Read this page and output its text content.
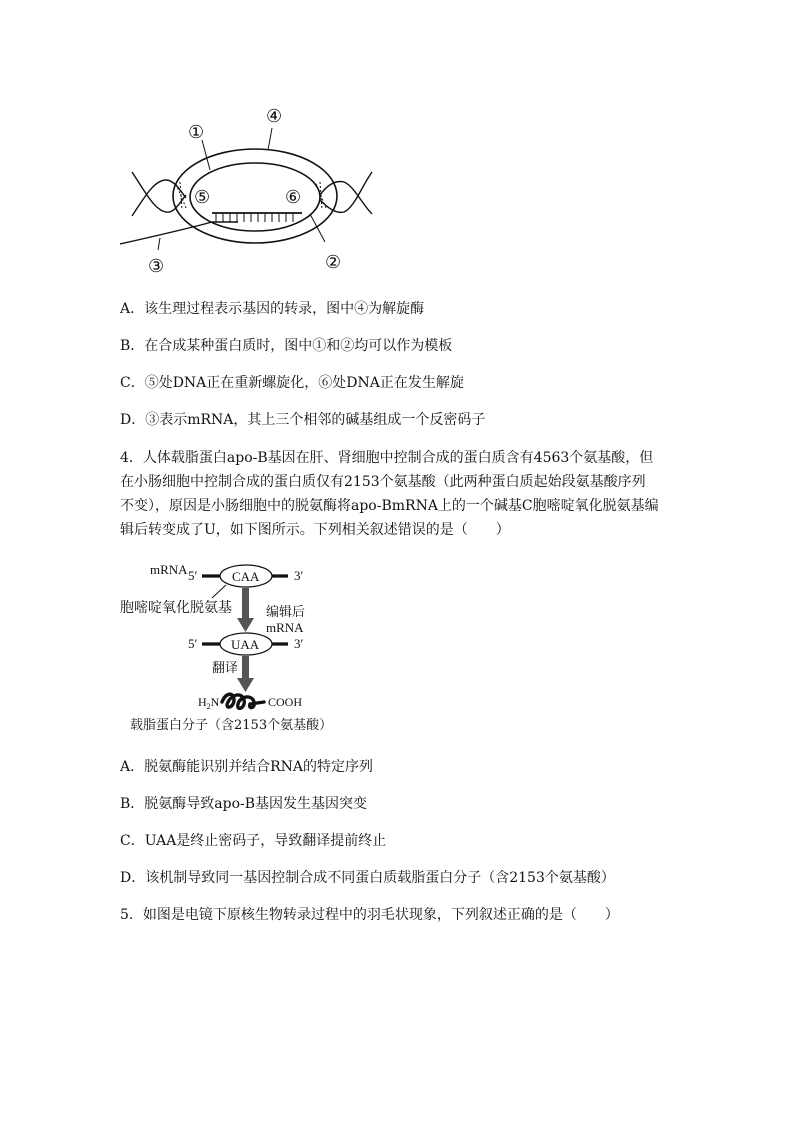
①
④
⑤	⑥
③	②
A．该生理过程表示基因的转录，图中④为解旋酶
B．在合成某种蛋白质时，图中①和②均可以作为模板
C．⑤处DNA正在重新螺旋化，⑥处DNA正在发生解旋
D．③表示mRNA，其上三个相邻的碱基组成一个反密码子
4．人体载脂蛋白apo-B基因在肝、肾细胞中控制合成的蛋白质含有4563个氨基酸，但
在小肠细胞中控制合成的蛋白质仅有2153个氨基酸（此两种蛋白质起始段氨基酸序列
不变），原因是小肠细胞中的脱氨酶将apo-BmRNA上的一个碱基C胞嘧啶氧化脱氨基编
辑后转变成了U，如下图所示。下列相关叙述错误的是（　　）
mRNA 5′	CAA	3′
胞嘧啶氧化脱氨基	编辑后
mRNA
5′	UAA	3′
翻译
$H_2N$	COOH
载脂蛋白分子（含2153个氨基酸）
A．脱氨酶能识别并结合RNA的特定序列
B．脱氨酶导致apo-B基因发生基因突变
C．UAA是终止密码子，导致翻译提前终止
D．该机制导致同一基因控制合成不同蛋白质载脂蛋白分子（含2153个氨基酸）
5．如图是电镜下原核生物转录过程中的羽毛状现象，下列叙述正确的是（　　）
